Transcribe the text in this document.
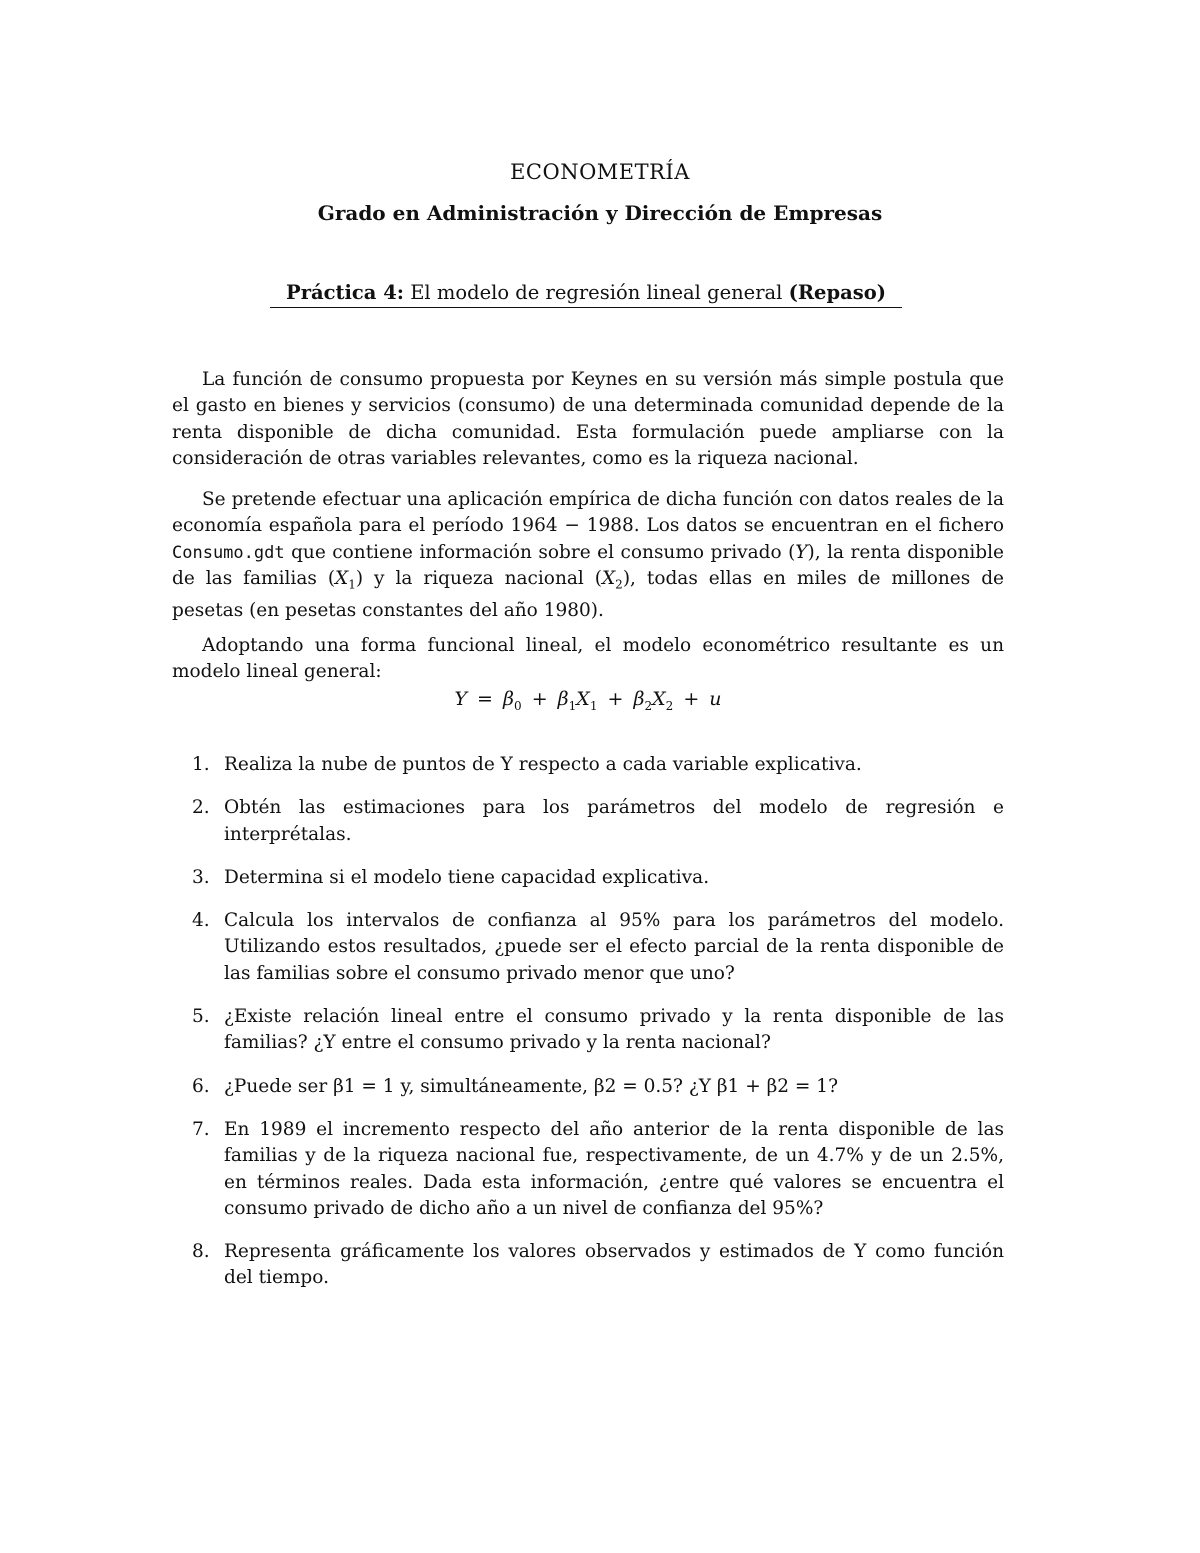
ECONOMETRÍA
Grado en Administración y Dirección de Empresas
Práctica 4: El modelo de regresión lineal general (Repaso)

La función de consumo propuesta por Keynes en su versión más simple postula que el gasto en bienes y servicios (consumo) de una determinada comunidad depende de la renta disponible de dicha comunidad. Esta formulación puede ampliarse con la consideración de otras variables relevantes, como es la riqueza nacional.

Se pretende efectuar una aplicación empírica de dicha función con datos reales de la economía española para el período 1964 − 1988. Los datos se encuentran en el fichero Consumo.gdt que contiene información sobre el consumo privado (Y), la renta disponible de las familias $(X_1)$ y la riqueza nacional $(X_2)$, todas ellas en miles de millones de pesetas (en pesetas constantes del año 1980).

Adoptando una forma funcional lineal, el modelo econométrico resultante es un modelo lineal general:

$Y = \beta_0 + \beta_1X_1 + \beta_2X_2 + u$
1. Realiza la nube de puntos de Y respecto a cada variable explicativa.
2. Obtén las estimaciones para los parámetros del modelo de regresión e interprétalas.
3. Determina si el modelo tiene capacidad explicativa.
4. Calcula los intervalos de confianza al 95% para los parámetros del modelo. Utilizando estos resultados, ¿puede ser el efecto parcial de la renta disponible de las familias sobre el consumo privado menor que uno?
5. ¿Existe relación lineal entre el consumo privado y la renta disponible de las familias? ¿Y entre el consumo privado y la renta nacional?
6. ¿Puede ser β1 = 1 y, simultáneamente, β2 = 0.5? ¿Y β1 + β2 = 1?
7. En 1989 el incremento respecto del año anterior de la renta disponible de las familias y de la riqueza nacional fue, respectivamente, de un 4.7% y de un 2.5%, en términos reales. Dada esta información, ¿entre qué valores se encuentra el consumo privado de dicho año a un nivel de confianza del 95%?
8. Representa gráficamente los valores observados y estimados de Y como función del tiempo.
